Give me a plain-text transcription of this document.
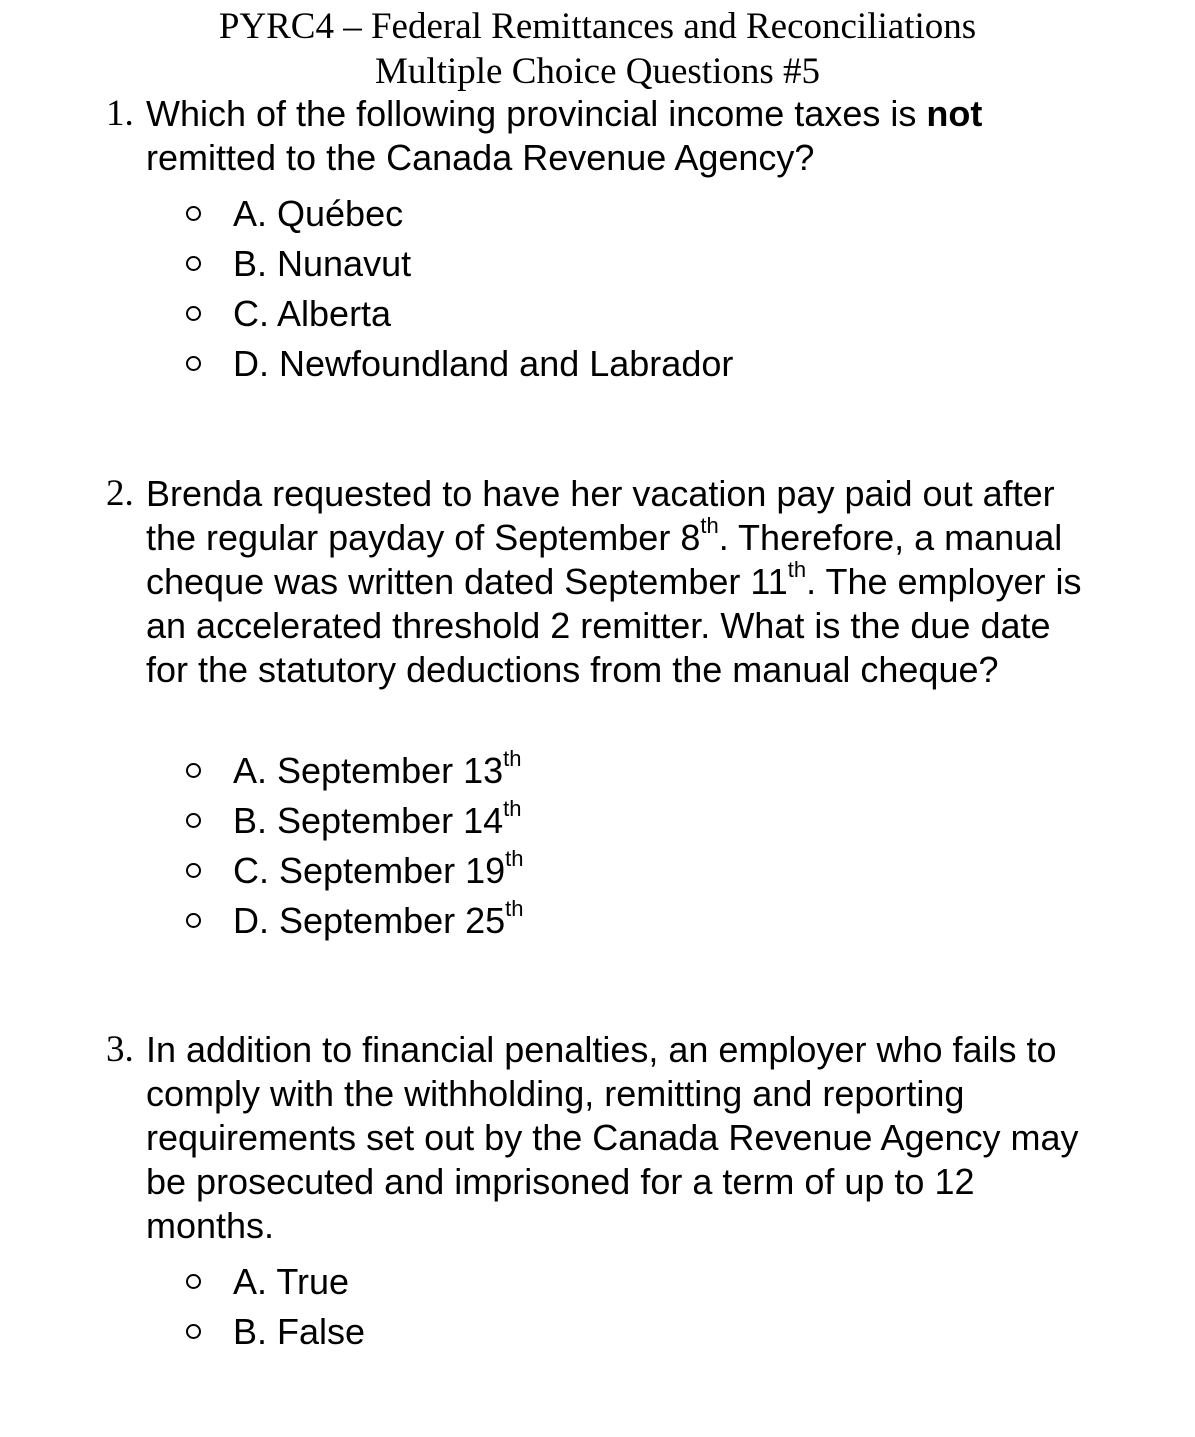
PYRC4 – Federal Remittances and Reconciliations
Multiple Choice Questions #5
1. Which of the following provincial income taxes is not remitted to the Canada Revenue Agency?
A. Québec
B. Nunavut
C. Alberta
D. Newfoundland and Labrador
2. Brenda requested to have her vacation pay paid out after the regular payday of September 8th. Therefore, a manual cheque was written dated September 11th. The employer is an accelerated threshold 2 remitter. What is the due date for the statutory deductions from the manual cheque?
A. September 13th
B. September 14th
C. September 19th
D. September 25th
3. In addition to financial penalties, an employer who fails to comply with the withholding, remitting and reporting requirements set out by the Canada Revenue Agency may be prosecuted and imprisoned for a term of up to 12 months.
A. True
B. False
